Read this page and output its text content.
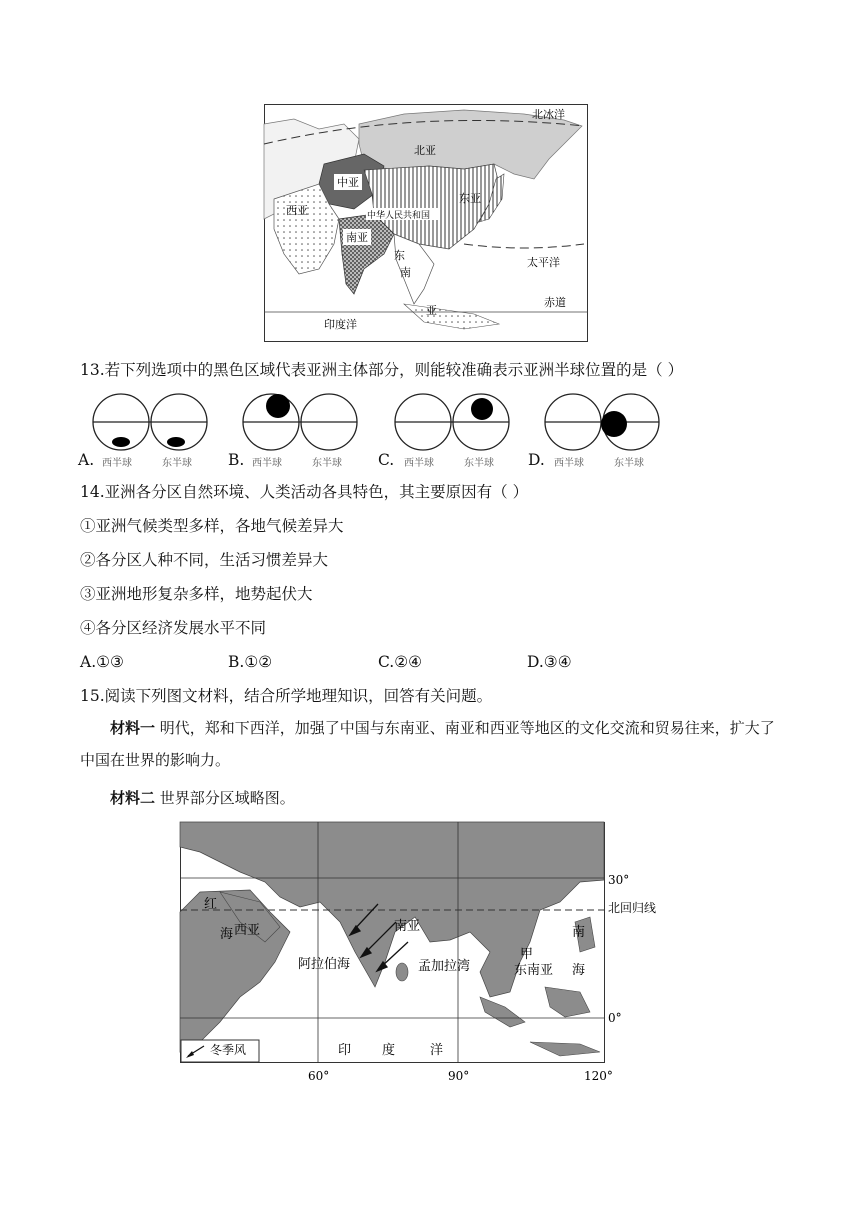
北冰洋
北亚
中亚
西亚
东亚
中华人民共和国
南亚
东
南
亚
太平洋
赤道
印度洋
13.若下列选项中的黑色区域代表亚洲主体部分，则能较准确表示亚洲半球位置的是（ ）
A. 西半球	东半球 B. 西半球	东半球 C. 西半球	东半球 D. 西半球	东半球
14.亚洲各分区自然环境、人类活动各具特色，其主要原因有（ ）
①亚洲气候类型多样，各地气候差异大
②各分区人种不同，生活习惯差异大
③亚洲地形复杂多样，地势起伏大
④各分区经济发展水平不同
A.①③	B.①②	C.②④	D.③④
15.阅读下列图文材料，结合所学地理知识，回答有关问题。
材料一 明代，郑和下西洋，加强了中国与东南亚、南亚和西亚等地区的文化交流和贸易往来，扩大了中国在世界的影响力。
材料二 世界部分区域略图。
冬季风
30°
北回归线
0°
红
海 西亚
阿拉伯海
南亚
孟加拉湾
甲
东南亚
南
海
印 度	洋
60°	90°	120°
